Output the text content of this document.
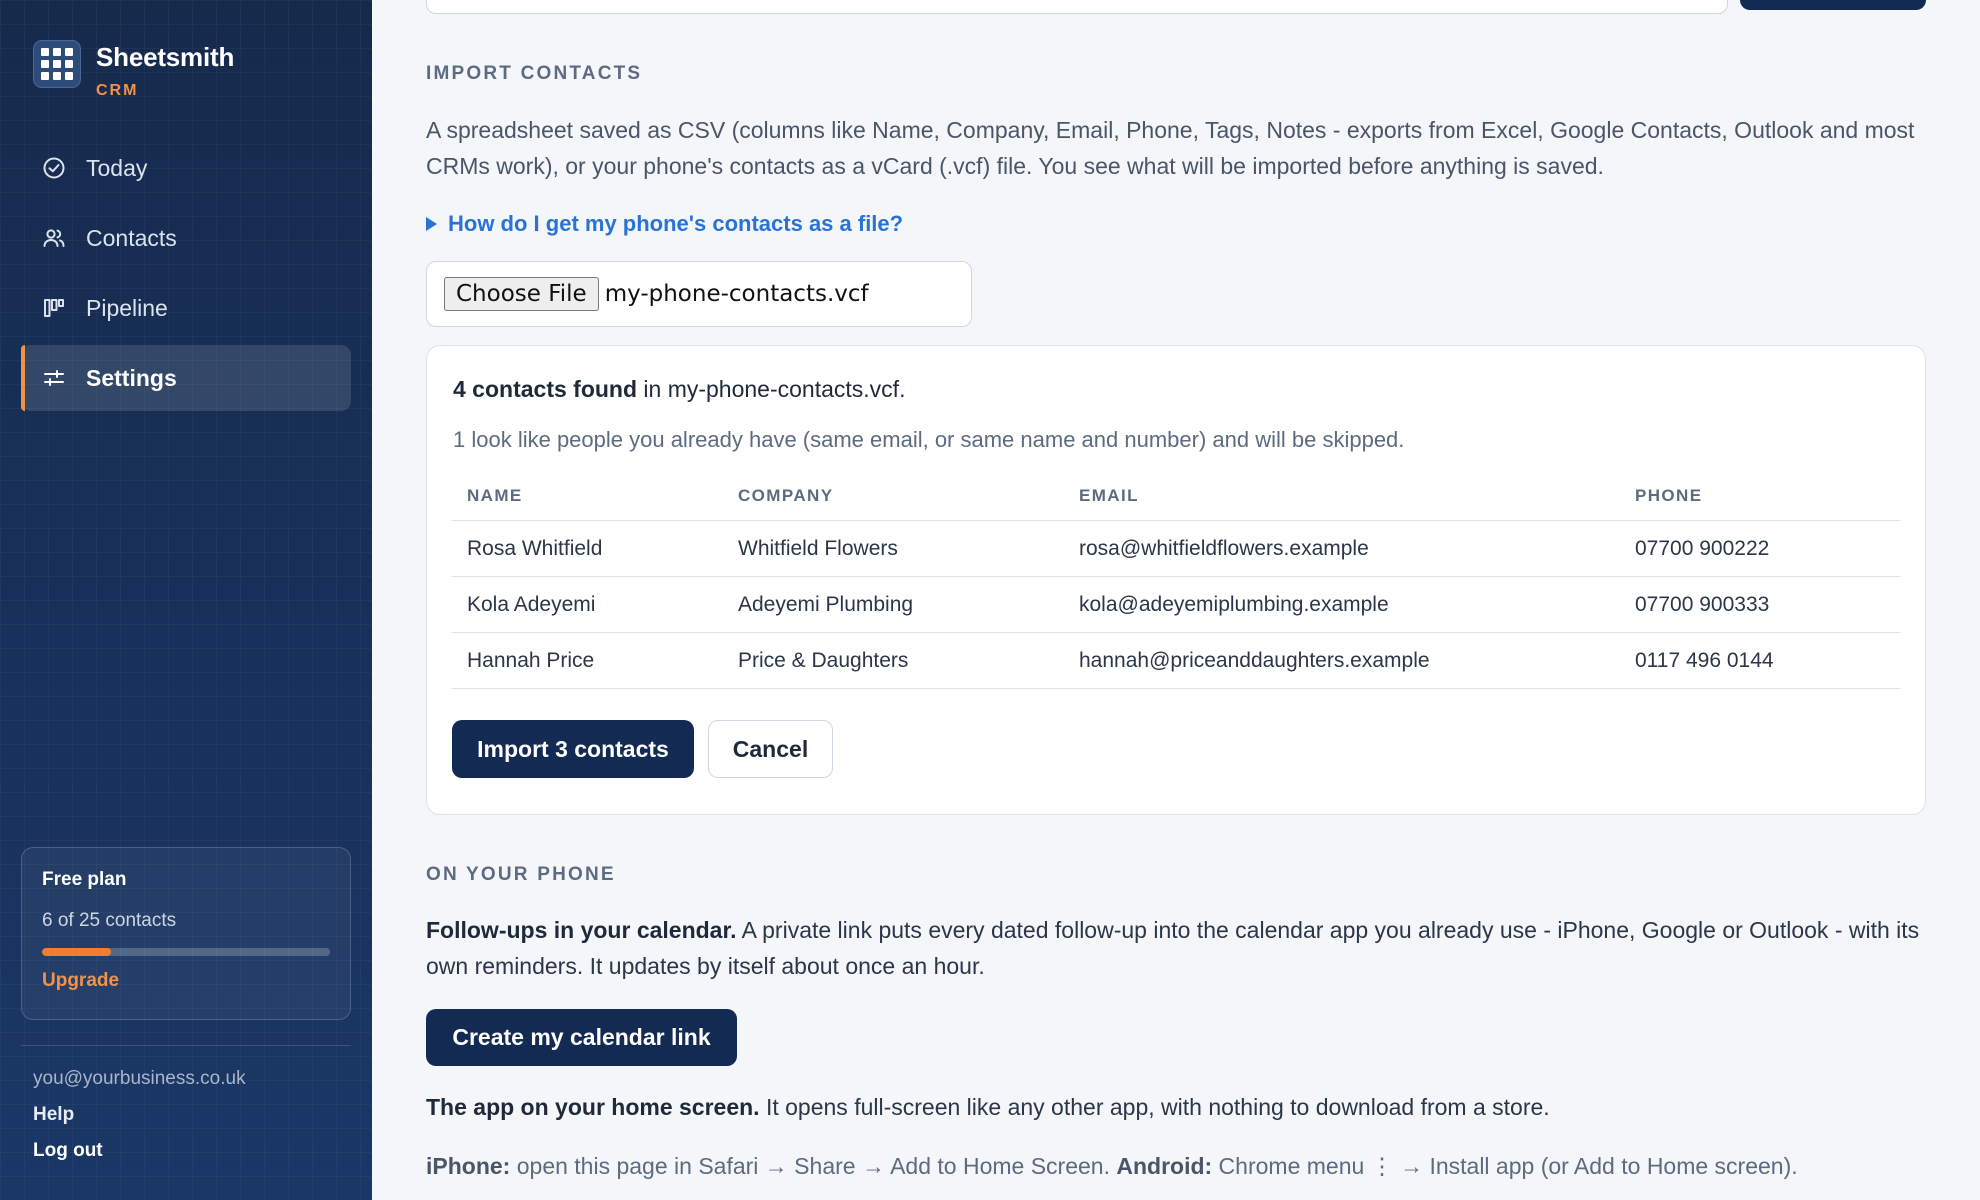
Sheetsmith
CRM
Today
Contacts
Pipeline
Settings
Free plan
6 of 25 contacts
Upgrade
you@yourbusiness.co.uk
Help
Log out
IMPORT CONTACTS

A spreadsheet saved as CSV (columns like Name, Company, Email, Phone, Tags, Notes - exports from Excel, Google Contacts, Outlook and most CRMs work), or your phone's contacts as a vCard (.vcf) file. You see what will be imported before anything is saved.

How do I get my phone's contacts as a file?
Choose File my-phone-contacts.vcf
4 contacts found in my-phone-contacts.vcf.
1 look like people you already have (same email, or same name and number) and will be skipped.
NAME	COMPANY	EMAIL	PHONE
Rosa Whitfield	Whitfield Flowers	rosa@whitfieldflowers.example	07700 900222
Kola Adeyemi	Adeyemi Plumbing	kola@adeyemiplumbing.example	07700 900333
Hannah Price	Price & Daughters	hannah@priceanddaughters.example	0117 496 0144
Import 3 contacts	Cancel
ON YOUR PHONE

Follow-ups in your calendar. A private link puts every dated follow-up into the calendar app you already use - iPhone, Google or Outlook - with its own reminders. It updates by itself about once an hour.

Create my calendar link

The app on your home screen. It opens full-screen like any other app, with nothing to download from a store.

iPhone: open this page in Safari → Share → Add to Home Screen. Android: Chrome menu ⋮ → Install app (or Add to Home screen).
